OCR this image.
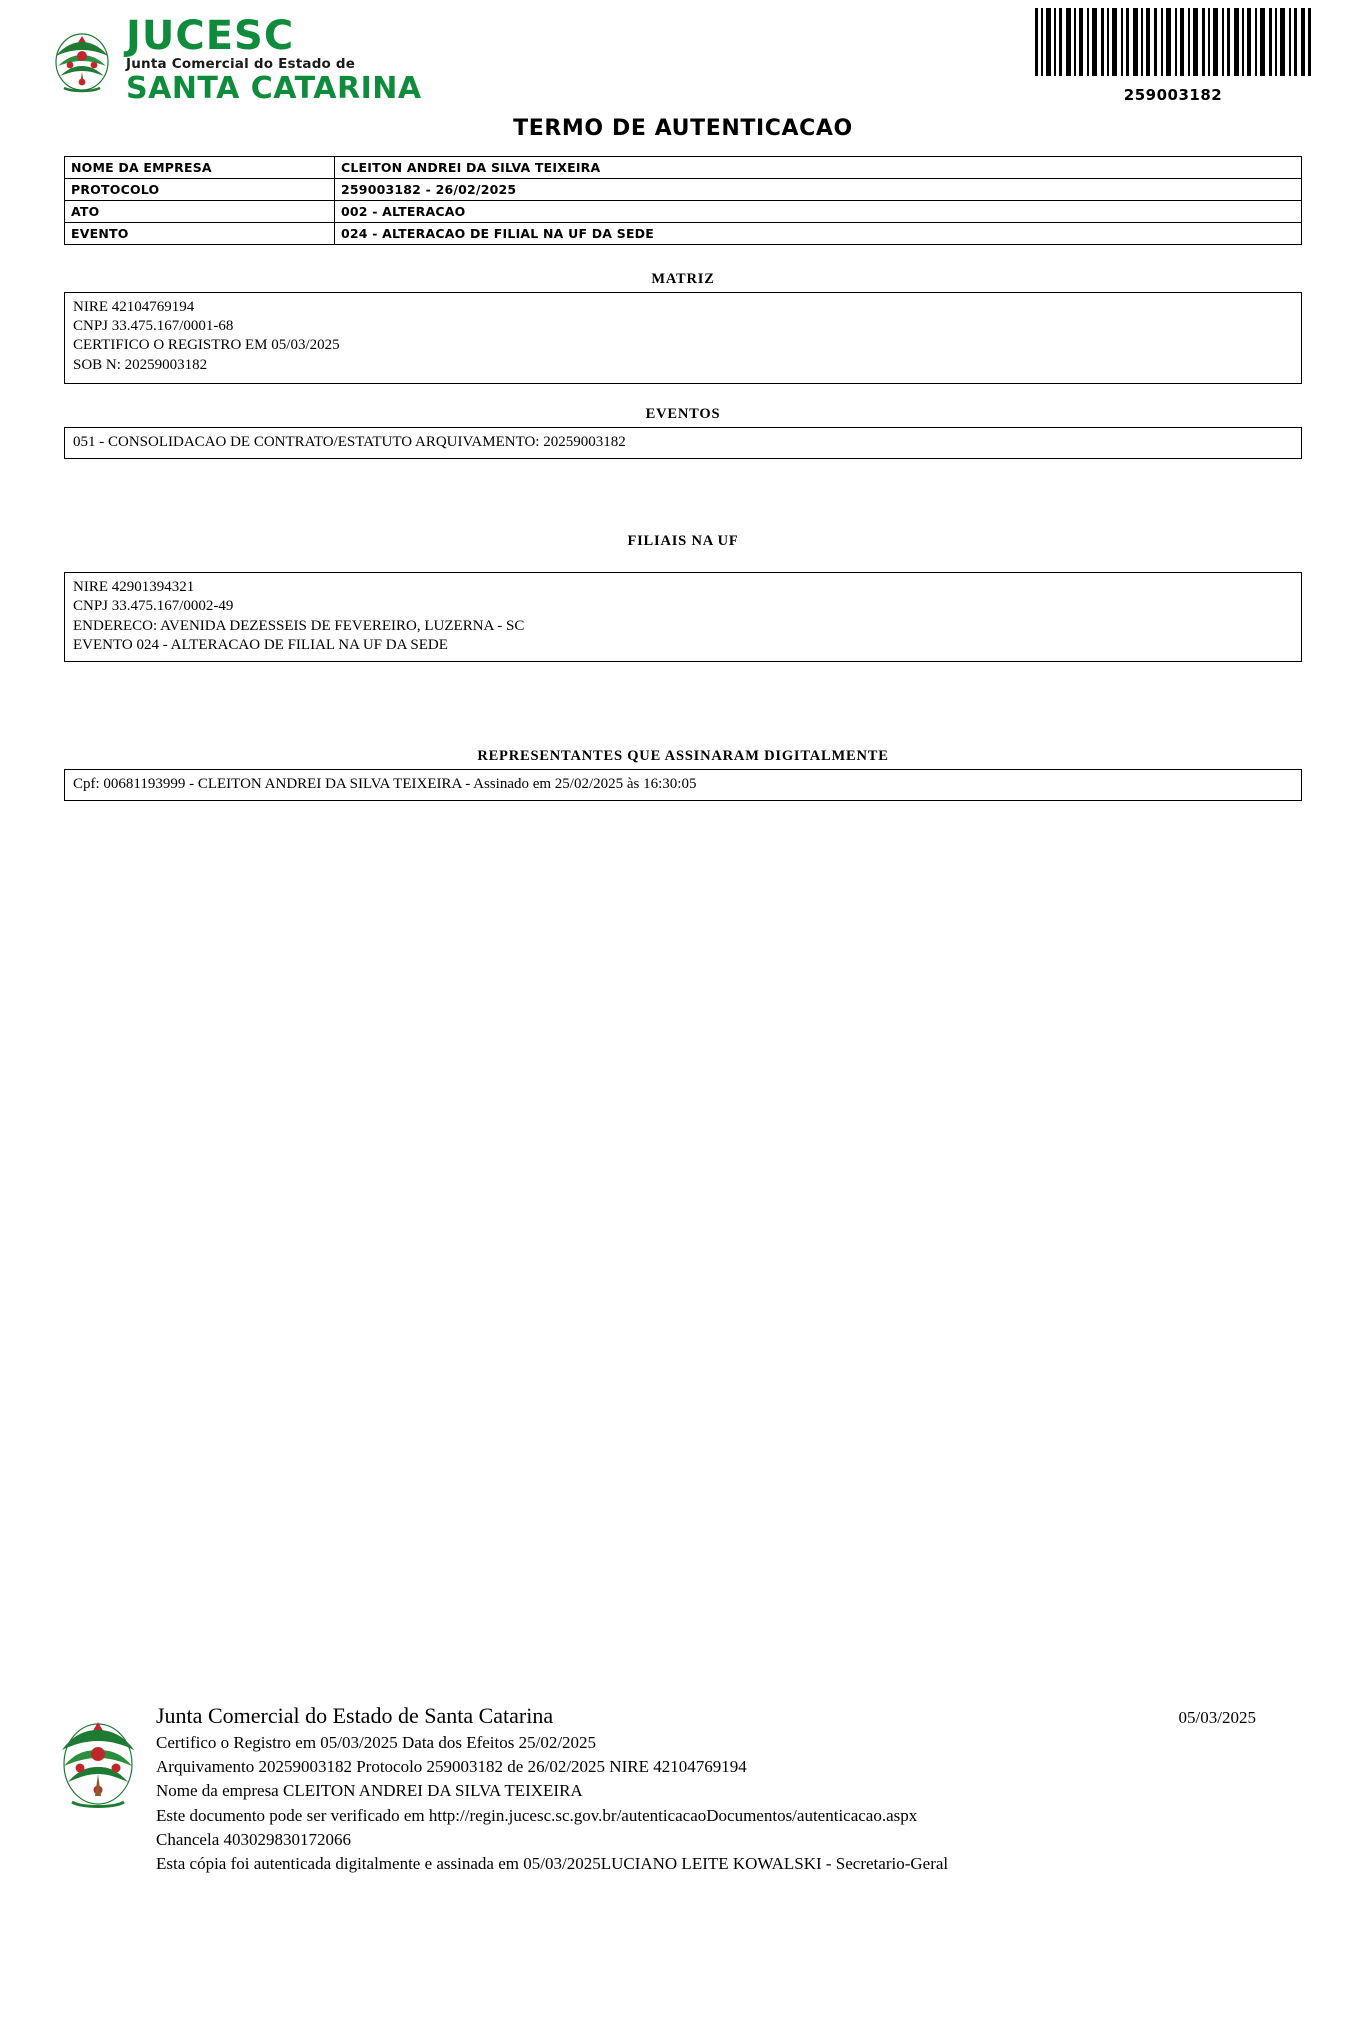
JUCESC
Junta Comercial do Estado de
SANTA CATARINA	259003182
TERMO DE AUTENTICACAO
NOME DA EMPRESA	CLEITON ANDREI DA SILVA TEIXEIRA
PROTOCOLO	259003182 - 26/02/2025
ATO	002 - ALTERACAO
EVENTO	024 - ALTERACAO DE FILIAL NA UF DA SEDE
MATRIZ
NIRE 42104769194
CNPJ 33.475.167/0001-68
CERTIFICO O REGISTRO EM 05/03/2025
SOB N: 20259003182
EVENTOS
051 - CONSOLIDACAO DE CONTRATO/ESTATUTO ARQUIVAMENTO: 20259003182
FILIAIS NA UF
NIRE 42901394321
CNPJ 33.475.167/0002-49
ENDERECO: AVENIDA DEZESSEIS DE FEVEREIRO, LUZERNA - SC
EVENTO 024 - ALTERACAO DE FILIAL NA UF DA SEDE
REPRESENTANTES QUE ASSINARAM DIGITALMENTE
Cpf: 00681193999 - CLEITON ANDREI DA SILVA TEIXEIRA - Assinado em 25/02/2025 às 16:30:05
Junta Comercial do Estado de Santa Catarina	05/03/2025
Certifico o Registro em 05/03/2025 Data dos Efeitos 25/02/2025
Arquivamento 20259003182 Protocolo 259003182 de 26/02/2025 NIRE 42104769194
Nome da empresa CLEITON ANDREI DA SILVA TEIXEIRA
Este documento pode ser verificado em http://regin.jucesc.sc.gov.br/autenticacaoDocumentos/autenticacao.aspx
Chancela 403029830172066
Esta cópia foi autenticada digitalmente e assinada em 05/03/2025LUCIANO LEITE KOWALSKI - Secretario-Geral
